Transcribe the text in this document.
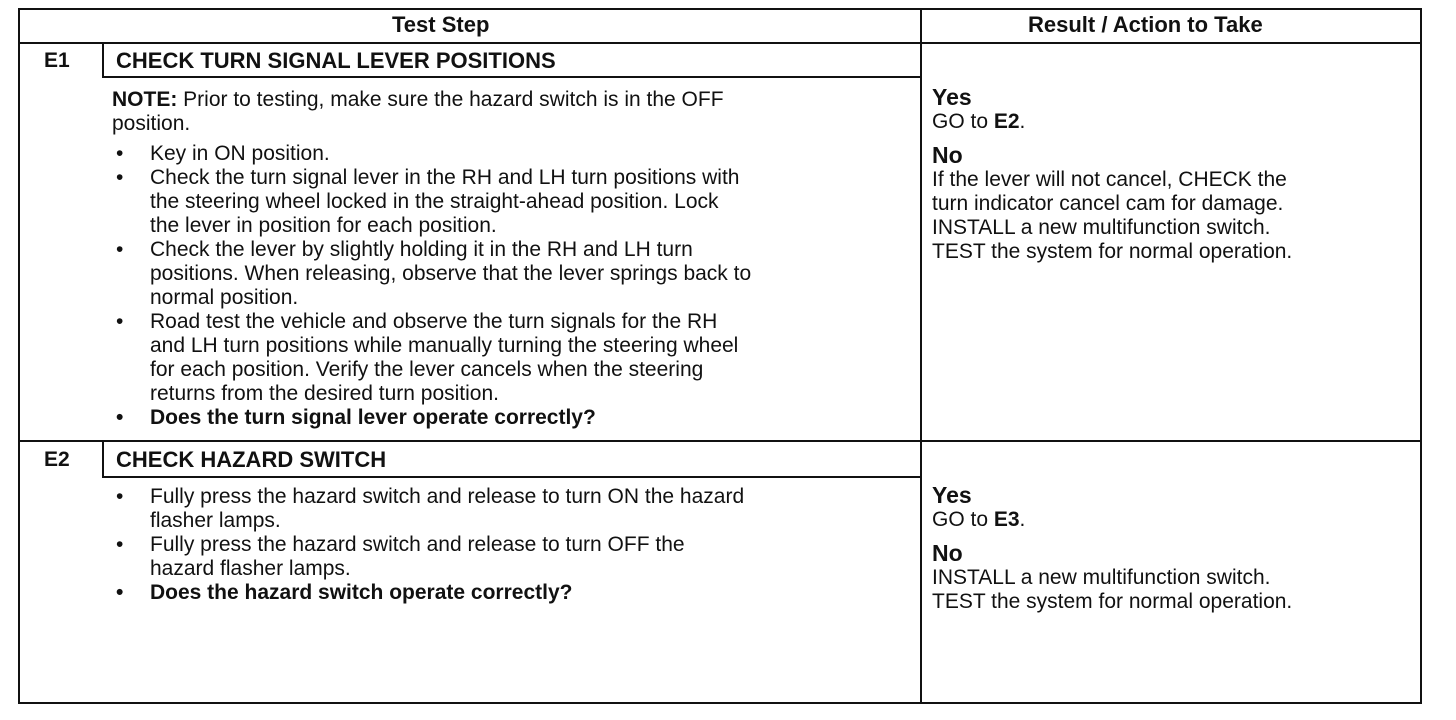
Test Step	Result / Action to Take
E1 CHECK TURN SIGNAL LEVER POSITIONS
NOTE: Prior to testing, make sure the hazard switch is in the OFF
position.
• Key in ON position.
• Check the turn signal lever in the RH and LH turn positions with
the steering wheel locked in the straight-ahead position. Lock
the lever in position for each position.
• Check the lever by slightly holding it in the RH and LH turn
positions. When releasing, observe that the lever springs back to
normal position.
• Road test the vehicle and observe the turn signals for the RH
and LH turn positions while manually turning the steering wheel
for each position. Verify the lever cancels when the steering
returns from the desired turn position.
• Does the turn signal lever operate correctly?
Yes
GO to E2.
No
If the lever will not cancel, CHECK the
turn indicator cancel cam for damage.
INSTALL a new multifunction switch.
TEST the system for normal operation.
E2 CHECK HAZARD SWITCH
• Fully press the hazard switch and release to turn ON the hazard
flasher lamps.
• Fully press the hazard switch and release to turn OFF the
hazard flasher lamps.
• Does the hazard switch operate correctly?
Yes
GO to E3.
No
INSTALL a new multifunction switch.
TEST the system for normal operation.
